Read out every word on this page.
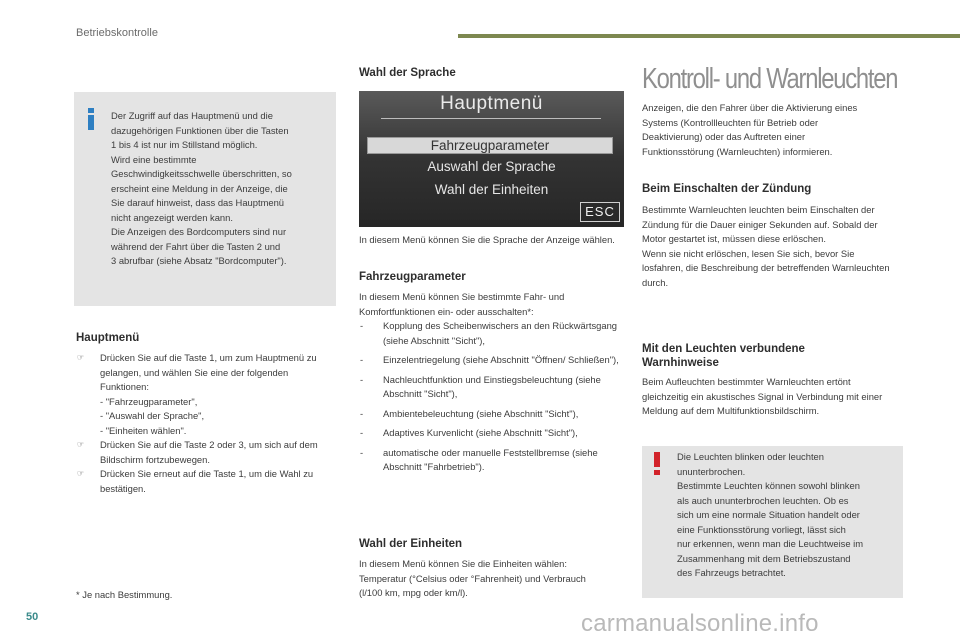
Betriebskontrolle

Der Zugriff auf das Hauptmenü und die

dazugehörigen Funktionen über die Tasten

1 bis 4 ist nur im Stillstand möglich.

Wird eine bestimmte

Geschwindigkeitsschwelle überschritten, so

erscheint eine Meldung in der Anzeige, die

Sie darauf hinweist, dass das Hauptmenü

nicht angezeigt werden kann.

Die Anzeigen des Bordcomputers sind nur

während der Fahrt über die Tasten 2 und

3 abrufbar (siehe Absatz "Bordcomputer").

Hauptmenü
☞ Drücken Sie auf die Taste 1, um zum Hauptmenü zu gelangen, und wählen Sie eine der folgenden Funktionen:
- "Fahrzeugparameter",
- "Auswahl der Sprache",
- "Einheiten wählen".
☞ Drücken Sie auf die Taste 2 oder 3, um sich auf dem Bildschirm fortzubewegen.
☞ Drücken Sie erneut auf die Taste 1, um die Wahl zu bestätigen.
* Je nach Bestimmung.
Wahl der Sprache
Hauptmenü
Fahrzeugparameter
Auswahl der Sprache
Wahl der Einheiten
ESC
In diesem Menü können Sie die Sprache der Anzeige wählen.
Fahrzeugparameter
In diesem Menü können Sie bestimmte Fahr- und Komfortfunktionen ein- oder ausschalten*:
- Kopplung des Scheibenwischers an den Rückwärtsgang (siehe Abschnitt "Sicht"),
- Einzelentriegelung (siehe Abschnitt "Öffnen/ Schließen"),
- Nachleuchtfunktion und Einstiegsbeleuchtung (siehe Abschnitt "Sicht"),
- Ambientebeleuchtung (siehe Abschnitt "Sicht"),
- Adaptives Kurvenlicht (siehe Abschnitt "Sicht"),
- automatische oder manuelle Feststellbremse (siehe Abschnitt "Fahrbetrieb").
Wahl der Einheiten
In diesem Menü können Sie die Einheiten wählen: Temperatur (°Celsius oder °Fahrenheit) und Verbrauch (l/100 km, mpg oder km/l).
Kontroll- und Warnleuchten
Anzeigen, die den Fahrer über die Aktivierung eines Systems (Kontrollleuchten für Betrieb oder Deaktivierung) oder das Auftreten einer Funktionsstörung (Warnleuchten) informieren.
Beim Einschalten der Zündung
Bestimmte Warnleuchten leuchten beim Einschalten der Zündung für die Dauer einiger Sekunden auf. Sobald der Motor gestartet ist, müssen diese erlöschen.
Wenn sie nicht erlöschen, lesen Sie sich, bevor Sie losfahren, die Beschreibung der betreffenden Warnleuchten durch.
Mit den Leuchten verbundene
Warnhinweise
Beim Aufleuchten bestimmter Warnleuchten ertönt gleichzeitig ein akustisches Signal in Verbindung mit einer Meldung auf dem Multifunktionsbildschirm.

Die Leuchten blinken oder leuchten

ununterbrochen.

Bestimmte Leuchten können sowohl blinken

als auch ununterbrochen leuchten. Ob es

sich um eine normale Situation handelt oder

eine Funktionsstörung vorliegt, lässt sich

nur erkennen, wenn man die Leuchtweise im

Zusammenhang mit dem Betriebszustand

des Fahrzeugs betrachtet.

50	carmanualsonline.info
